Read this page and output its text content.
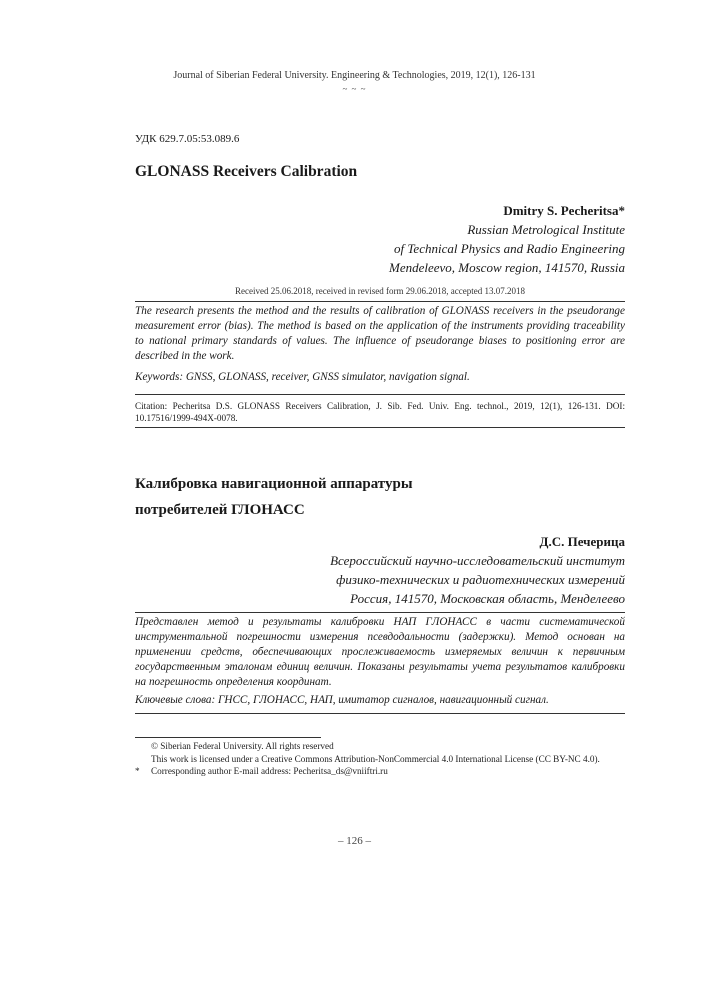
Journal of Siberian Federal University. Engineering & Technologies, 2019, 12(1), 126-131
~ ~ ~
УДК 629.7.05:53.089.6
GLONASS Receivers Calibration
Dmitry S. Pecheritsa*
Russian Metrological Institute
of Technical Physics and Radio Engineering
Mendeleevo, Moscow region, 141570, Russia
Received 25.06.2018, received in revised form 29.06.2018, accepted 13.07.2018
The research presents the method and the results of calibration of GLONASS receivers in the pseudorange measurement error (bias). The method is based on the application of the instruments providing traceability to national primary standards of values. The influence of pseudorange biases to positioning error are described in the work.
Keywords: GNSS, GLONASS, receiver, GNSS simulator, navigation signal.
Citation: Pecheritsa D.S. GLONASS Receivers Calibration, J. Sib. Fed. Univ. Eng. technol., 2019, 12(1), 126-131. DOI: 10.17516/1999-494X-0078.
Калибровка навигационной аппаратуры
потребителей ГЛОНАСС
Д.С. Печерица
Всероссийский научно-исследовательский институт
физико-технических и радиотехнических измерений
Россия, 141570, Московская область, Менделеево
Представлен метод и результаты калибровки НАП ГЛОНАСС в части систематической инструментальной погрешности измерения псевдодальности (задержки). Метод основан на применении средств, обеспечивающих прослеживаемость измеряемых величин к первичным государственным эталонам единиц величин. Показаны результаты учета результатов калибровки на погрешность определения координат.
Ключевые слова: ГНСС, ГЛОНАСС, НАП, имитатор сигналов, навигационный сигнал.
© Siberian Federal University. All rights reserved
This work is licensed under a Creative Commons Attribution-NonCommercial 4.0 International License (CC BY-NC 4.0).
*	Corresponding author E-mail address: Pecheritsa_ds@vniiftri.ru
– 126 –
